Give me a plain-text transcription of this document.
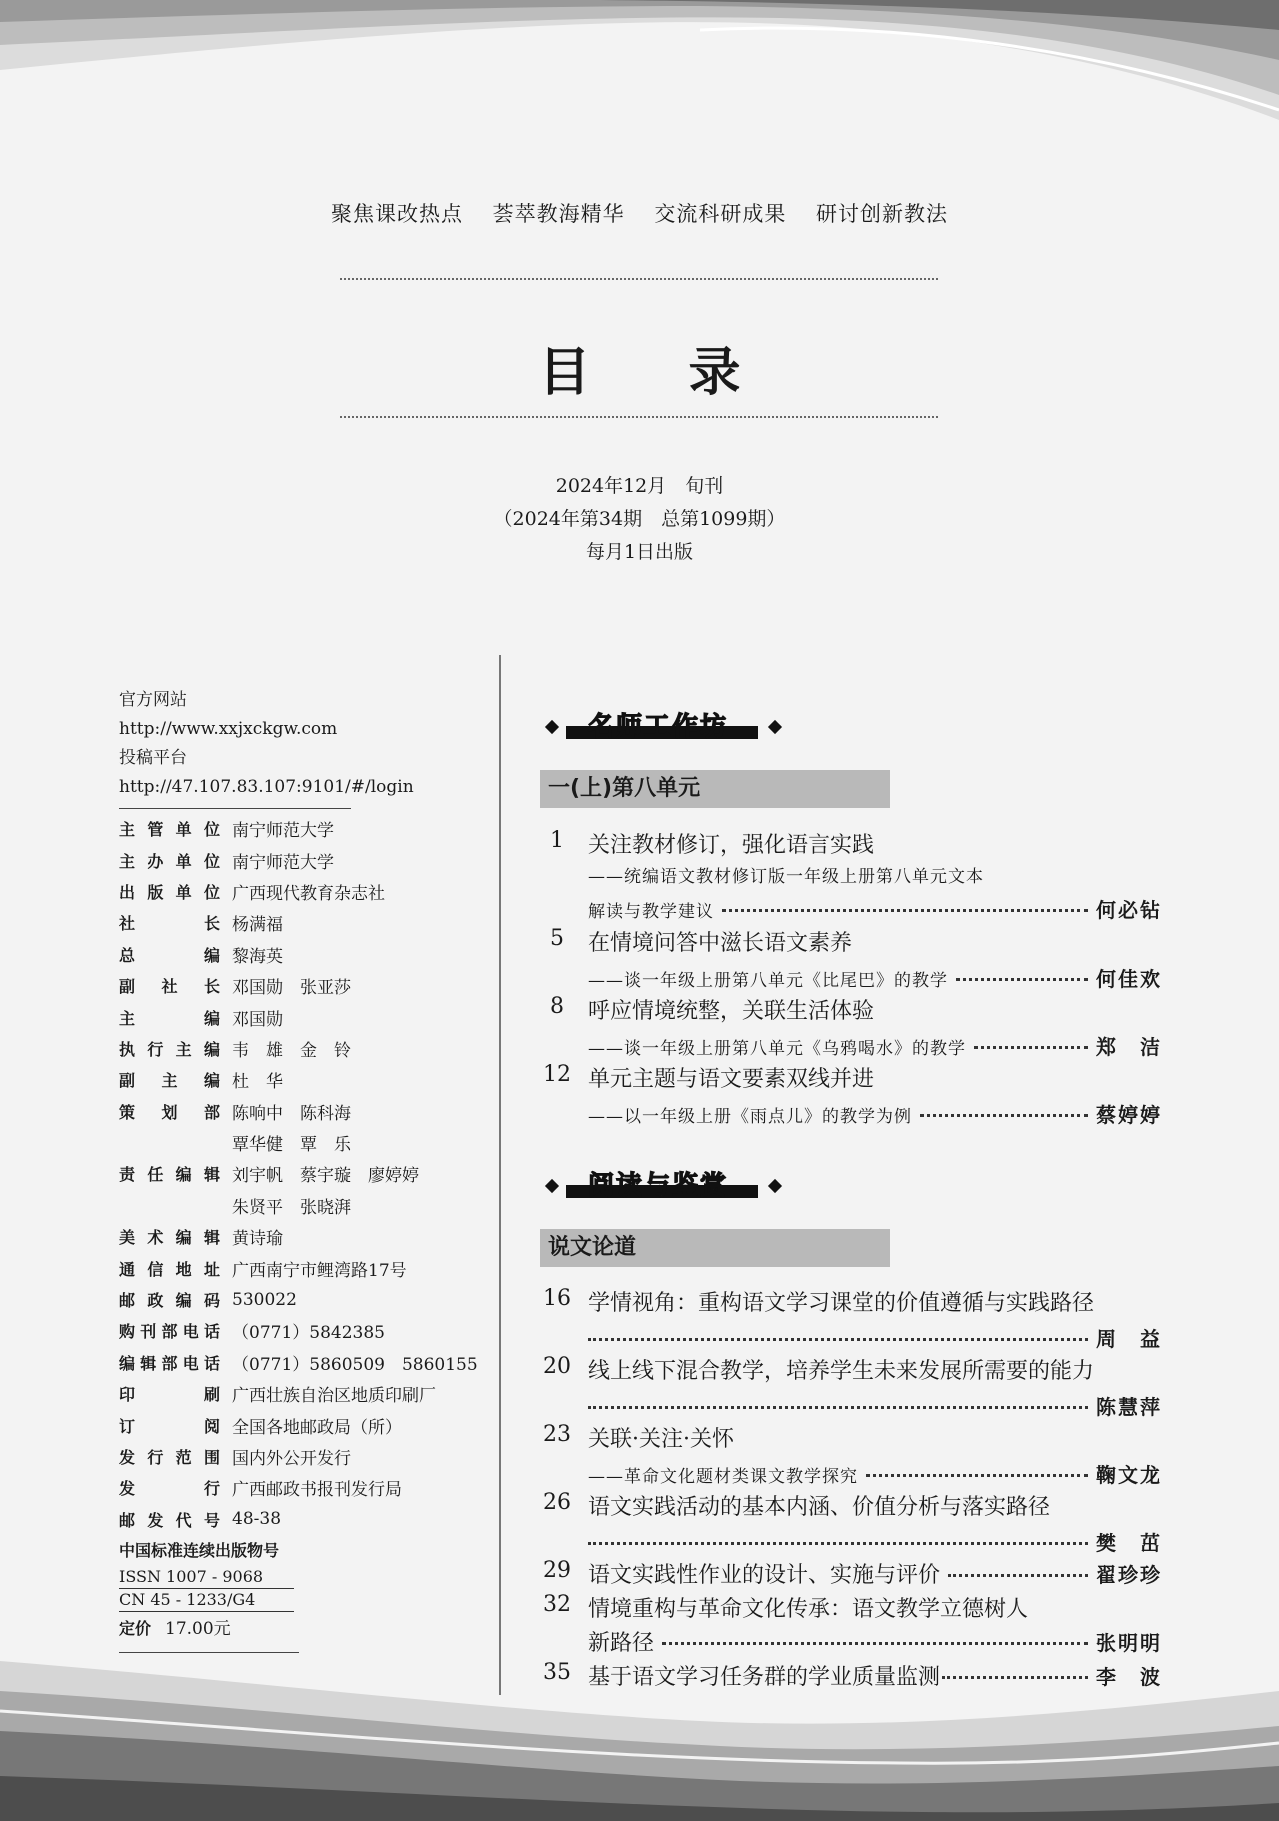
聚焦课改热点 荟萃教海精华 交流科研成果 研讨创新教法
目 录
2024年12月　旬刊
（2024年第34期　总第1099期）
每月1日出版
官方网站
http://www.xxjxckgw.com
投稿平台
http://47.107.83.107:9101/#/login
主 管 单 位 南宁师范大学
主 办 单 位 南宁师范大学
出 版 单 位 广西现代教育杂志社
社	长 杨满福
总	编 黎海英
副 社 长 邓国勋　张亚莎
主	编 邓国勋
执 行 主 编 韦　雄　金　铃
副 主 编 杜　华
策 划 部 陈响中　陈科海
覃华健　覃　乐
责 任 编 辑 刘宇帆　蔡宇璇　廖婷婷
朱贤平　张晓湃
美 术 编 辑 黄诗瑜
通 信 地 址 广西南宁市鲤湾路17号
邮 政 编 码 530022
购 刊 部 电 话 （0771）5842385
编 辑 部 电 话 （0771）5860509　5860155
印	刷 广西壮族自治区地质印刷厂
订	阅 全国各地邮政局（所）
发 行 范 围 国内外公开发行
发	行 广西邮政书报刊发行局
邮 发 代 号 48-38
中国标准连续出版物号
ISSN 1007 - 9068
CN 45 - 1233/G4
定价 17.00元
名师工作坊
一(上)第八单元
阅读与鉴赏
说文论道
1	关注教材修订，强化语言实践
——统编语文教材修订版一年级上册第八单元文本
解读与教学建议	何必钻
5	在情境问答中滋长语文素养
——谈一年级上册第八单元《比尾巴》的教学	何佳欢
8	呼应情境统整，关联生活体验
——谈一年级上册第八单元《乌鸦喝水》的教学	郑　洁
12 单元主题与语文要素双线并进
——以一年级上册《雨点儿》的教学为例	蔡婷婷
16 学情视角：重构语文学习课堂的价值遵循与实践路径
周　益
20 线上线下混合教学，培养学生未来发展所需要的能力
陈慧萍
23 关联·关注·关怀
——革命文化题材类课文教学探究	鞠文龙
26 语文实践活动的基本内涵、价值分析与落实路径
樊　茁
29 语文实践性作业的设计、实施与评价	翟珍珍
32 情境重构与革命文化传承：语文教学立德树人
新路径	张明明
35 基于语文学习任务群的学业质量监测	李　波
